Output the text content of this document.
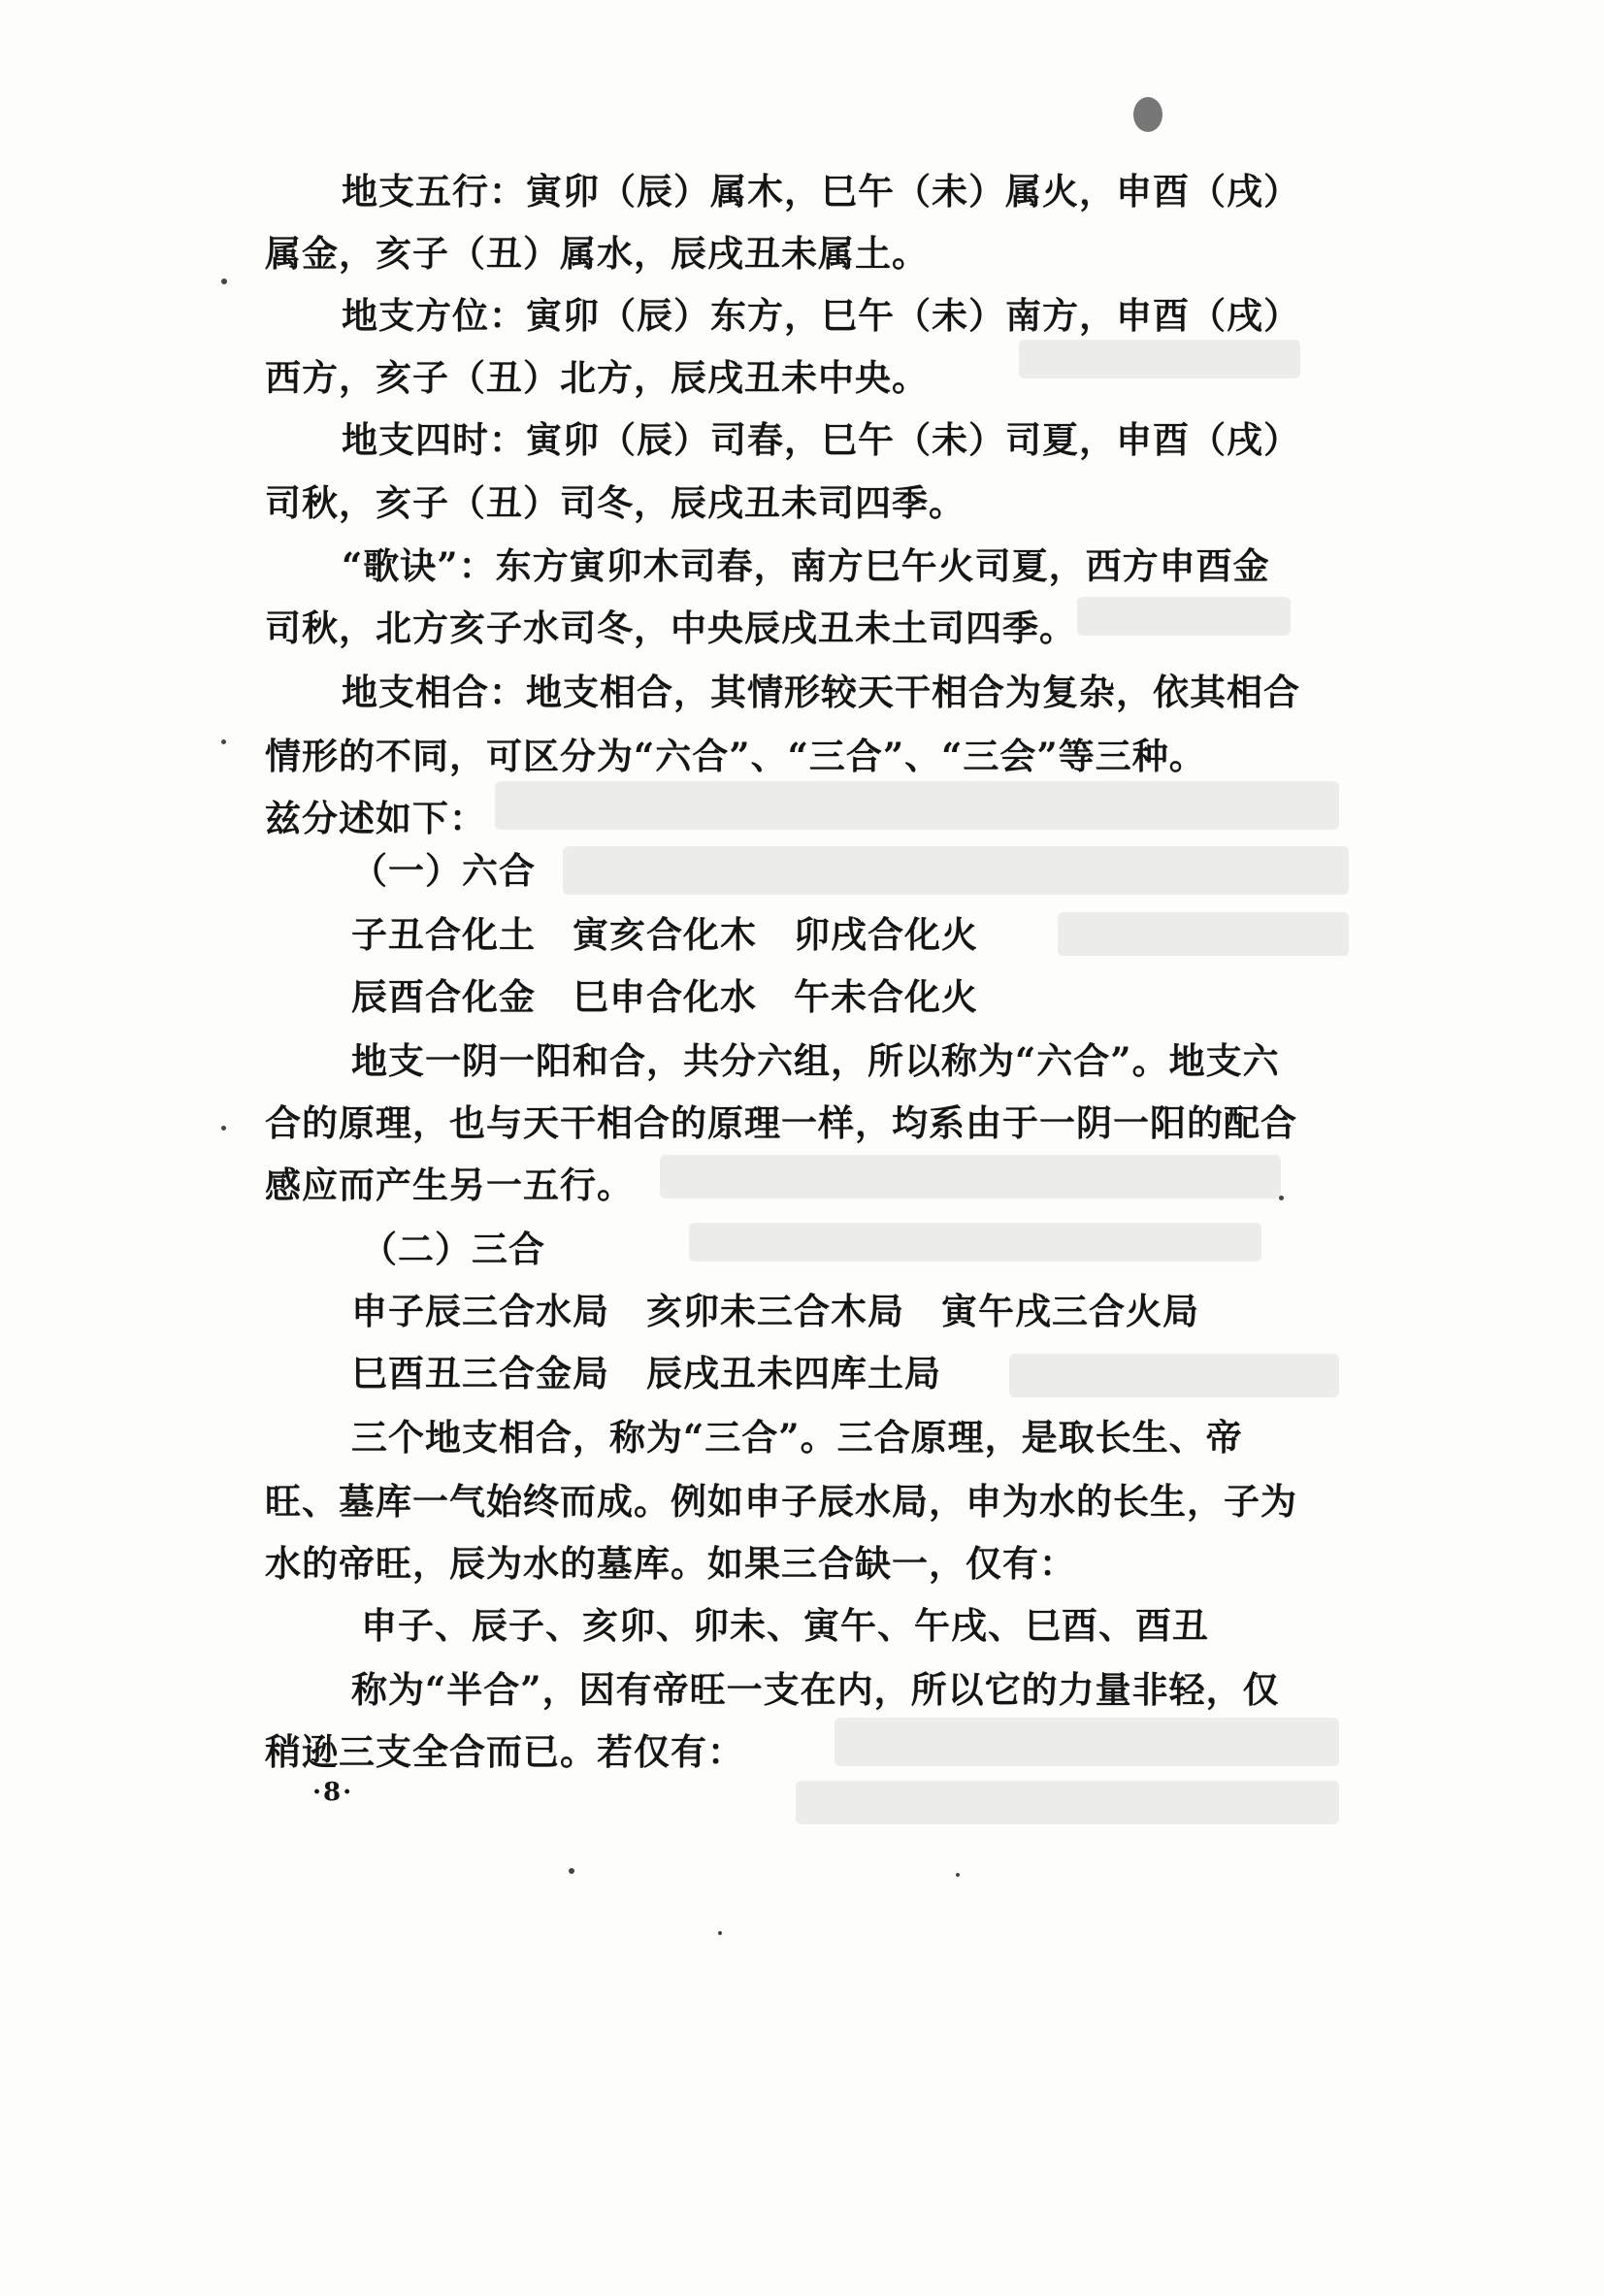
地支五行：寅卯（辰）属木，巳午（未）属火，申酉（戌）
属金，亥子（丑）属水，辰戌丑未属土。
地支方位：寅卯（辰）东方，巳午（未）南方，申酉（戌）
西方，亥子（丑）北方，辰戌丑未中央。
地支四时：寅卯（辰）司春，巳午（未）司夏，申酉（戌）
司秋，亥子（丑）司冬，辰戌丑未司四季。
“歌诀”：东方寅卯木司春，南方巳午火司夏，西方申酉金
司秋，北方亥子水司冬，中央辰戌丑未土司四季。
地支相合：地支相合，其情形较天干相合为复杂，依其相合
情形的不同，可区分为“六合”、“三合”、“三会”等三种。
兹分述如下：
（一）六合
子丑合化土　寅亥合化木　卯戌合化火
辰酉合化金　巳申合化水　午未合化火
地支一阴一阳和合，共分六组，所以称为“六合”。地支六
合的原理，也与天干相合的原理一样，均系由于一阴一阳的配合
感应而产生另一五行。
（二）三合
申子辰三合水局　亥卯未三合木局　寅午戌三合火局
巳酉丑三合金局　辰戌丑未四库土局
三个地支相合，称为“三合”。三合原理，是取长生、帝
旺、墓库一气始终而成。例如申子辰水局，申为水的长生，子为
水的帝旺，辰为水的墓库。如果三合缺一，仅有：
申子、辰子、亥卯、卯未、寅午、午戌、巳酉、酉丑
称为“半合”，因有帝旺一支在内，所以它的力量非轻，仅
稍逊三支全合而已。若仅有：
·8·
